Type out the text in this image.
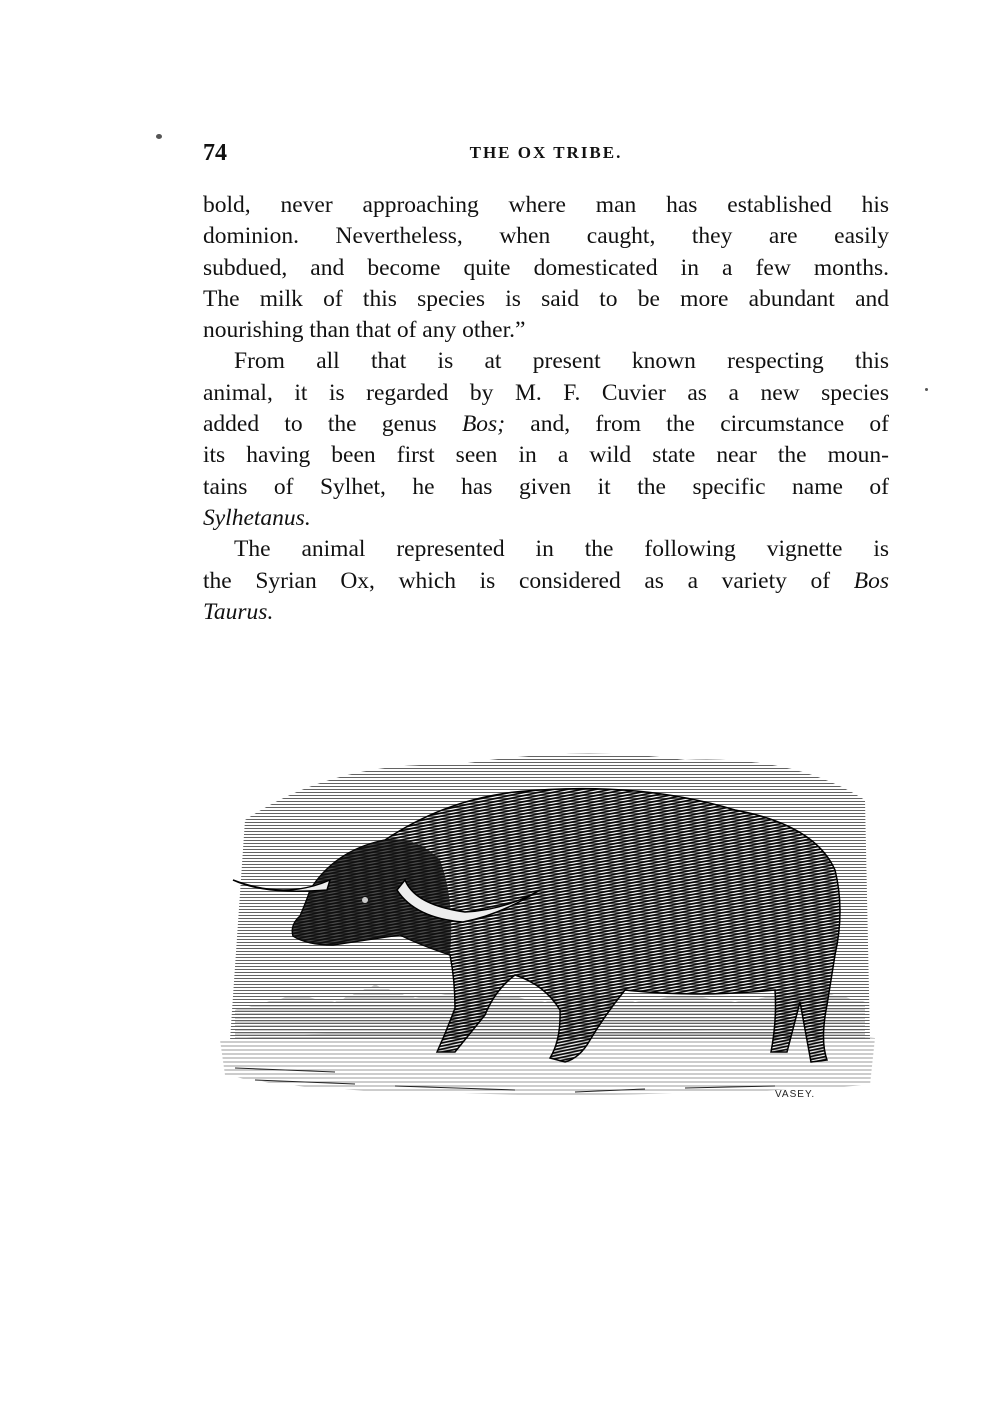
74	THE OX TRIBE.

bold, never approaching where man has established his
dominion. Nevertheless, when caught, they are easily
subdued, and become quite domesticated in a few months.
The milk of this species is said to be more abundant and
nourishing than that of any other.”

From all that is at present known respecting this
animal, it is regarded by M. F. Cuvier as a new species
added to the genus Bos; and, from the circumstance of
its having been first seen in a wild state near the moun-
tains of Sylhet, he has given it the specific name of
Sylhetanus.

The animal represented in the following vignette is
the Syrian Ox, which is considered as a variety of Bos
Taurus.

VASEY.
